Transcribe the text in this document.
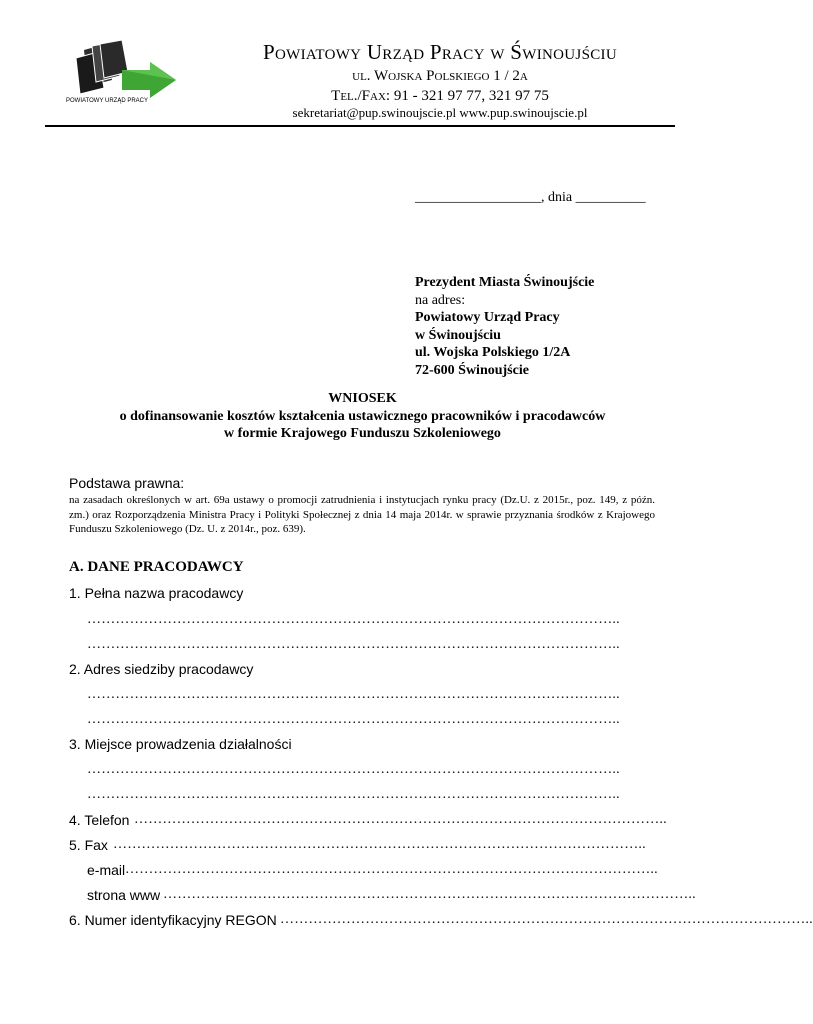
POWIATOWY URZĄD PRACY
Powiatowy Urząd Pracy w Świnoujściu
ul. Wojska Polskiego 1 / 2a
Tel./Fax: 91 - 321 97 77, 321 97 75
sekretariat@pup.swinoujscie.pl www.pup.swinoujscie.pl
__________________, dnia __________
Prezydent Miasta Świnoujście
na adres:
Powiatowy Urząd Pracy
w Świnoujściu
ul. Wojska Polskiego 1/2A
72-600 Świnoujście
WNIOSEK
o dofinansowanie kosztów kształcenia ustawicznego pracowników i pracodawców
w formie Krajowego Funduszu Szkoleniowego
Podstawa prawna:
na zasadach określonych w art. 69a ustawy o promocji zatrudnienia i instytucjach rynku pracy (Dz.U. z 2015r., poz. 149, z późn. zm.) oraz Rozporządzenia Ministra Pracy i Polityki Społecznej z dnia 14 maja 2014r. w sprawie przyznania środków z Krajowego Funduszu Szkoleniowego (Dz. U. z 2014r., poz. 639).
A. DANE PRACODAWCY
1. Pełna nazwa pracodawcy
…………………………………………………………………………………………………..
…………………………………………………………………………………………………..
2. Adres siedziby pracodawcy
…………………………………………………………………………………………………..
…………………………………………………………………………………………………..
3. Miejsce prowadzenia działalności
…………………………………………………………………………………………………..
…………………………………………………………………………………………………..
4. Telefon …………………………………………………………………………………………………..
5. Fax …………………………………………………………………………………………………..
e-mail …………………………………………………………………………………………………..
strona www …………………………………………………………………………………………………..
6. Numer identyfikacyjny REGON …………………………………………………………………………………………………..
